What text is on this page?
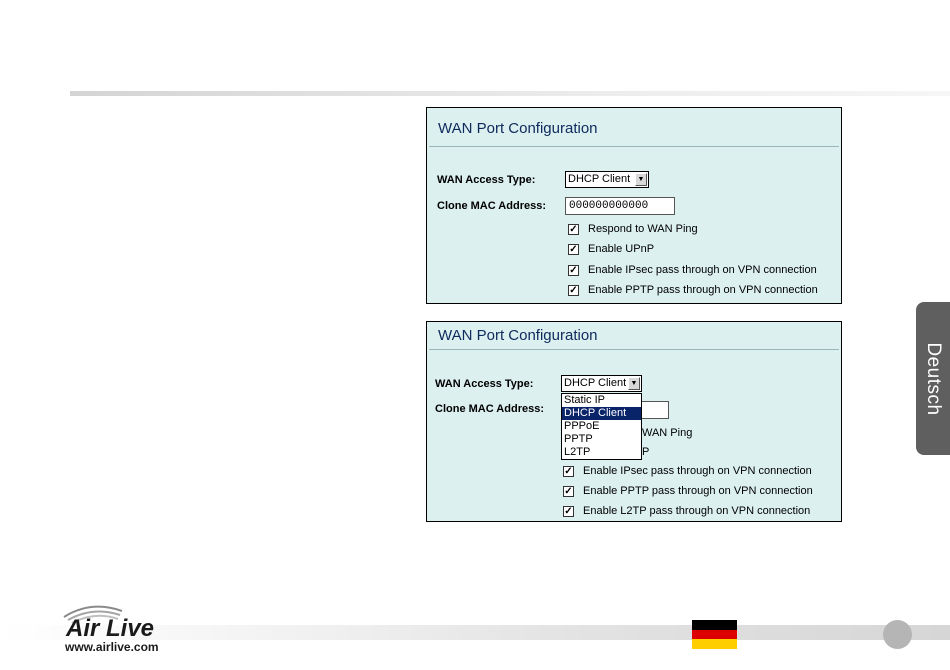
WAN Port Configuration
WAN Access Type:	DHCP Client	▼
Clone MAC Address:	000000000000
✓ Respond to WAN Ping
✓ Enable UPnP
✓ Enable IPsec pass through on VPN connection
✓ Enable PPTP pass through on VPN connection
WAN Port Configuration
WAN Access Type:	DHCP Client ▼
Static IP
DHCP Client
PPPoE
PPTP
L2TP
Clone MAC Address:
WAN Ping
P
✓ Enable IPsec pass through on VPN connection
✓ Enable PPTP pass through on VPN connection
✓ Enable L2TP pass through on VPN connection
Deutsch
Air Live
www.airlive.com
